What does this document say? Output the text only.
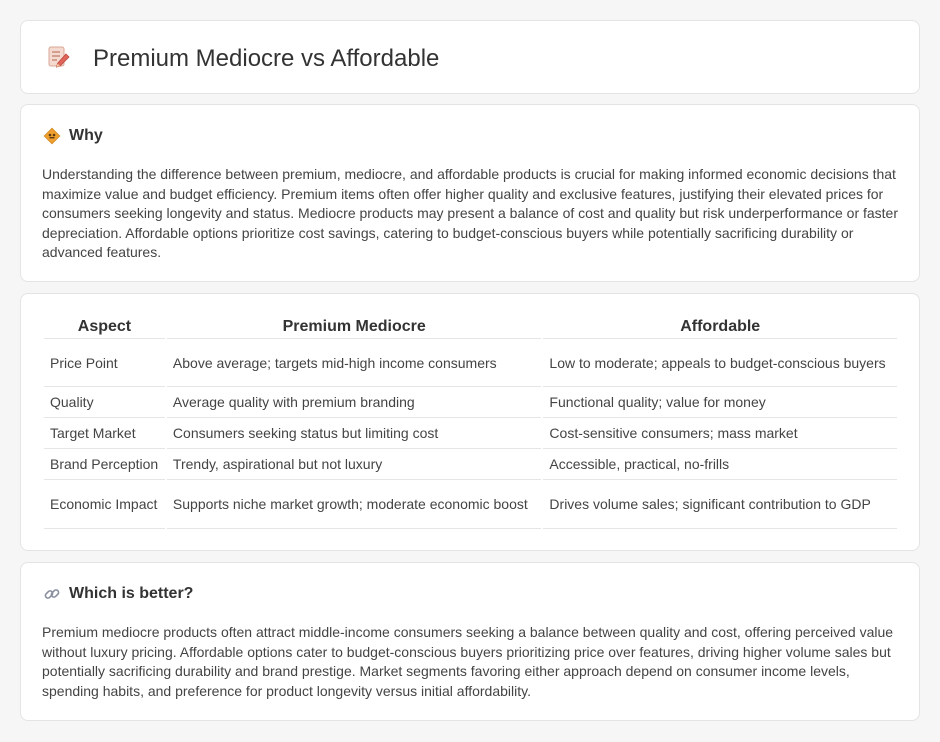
Premium Mediocre vs Affordable
Why

Understanding the difference between premium, mediocre, and affordable products is crucial for making informed economic decisions that maximize value and budget efficiency. Premium items often offer higher quality and exclusive features, justifying their elevated prices for consumers seeking longevity and status. Mediocre products may present a balance of cost and quality but risk underperformance or faster depreciation. Affordable options prioritize cost savings, catering to budget-conscious buyers while potentially sacrificing durability or advanced features.

Aspect	Premium Mediocre	Affordable
Price Point	Above average; targets mid-high income consumers	Low to moderate; appeals to budget-conscious buyers
Quality	Average quality with premium branding	Functional quality; value for money
Target Market	Consumers seeking status but limiting cost	Cost-sensitive consumers; mass market
Brand Perception	Trendy, aspirational but not luxury	Accessible, practical, no-frills
Economic Impact	Supports niche market growth; moderate economic boost	Drives volume sales; significant contribution to GDP
Which is better?

Premium mediocre products often attract middle-income consumers seeking a balance between quality and cost, offering perceived value without luxury pricing. Affordable options cater to budget-conscious buyers prioritizing price over features, driving higher volume sales but potentially sacrificing durability and brand prestige. Market segments favoring either approach depend on consumer income levels, spending habits, and preference for product longevity versus initial affordability.
